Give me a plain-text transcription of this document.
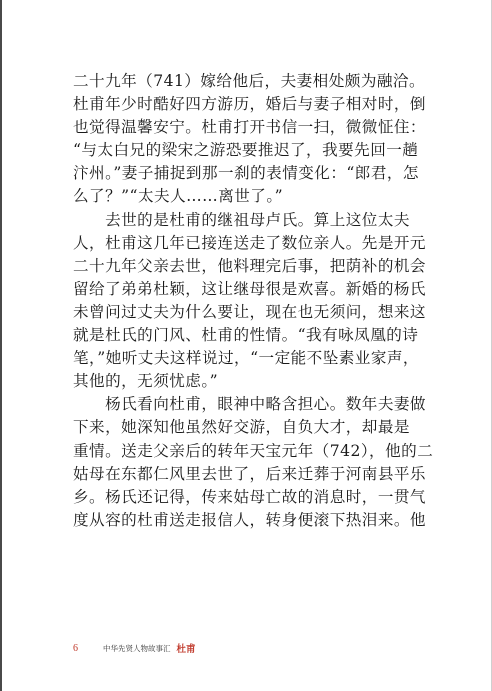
二十九年（741）嫁给他后，夫妻相处颇为融洽。
杜甫年少时酷好四方游历，婚后与妻子相对时，倒
也觉得温馨安宁。杜甫打开书信一扫，微微怔住：
“与太白兄的梁宋之游恐要推迟了，我要先回一趟
汴州。”妻子捕捉到那一刹的表情变化：“郎君，怎
么了？”“太夫人……离世了。”
　　去世的是杜甫的继祖母卢氏。算上这位太夫
人，杜甫这几年已接连送走了数位亲人。先是开元
二十九年父亲去世，他料理完后事，把荫补的机会
留给了弟弟杜颖，这让继母很是欢喜。新婚的杨氏
未曾问过丈夫为什么要让，现在也无须问，想来这
就是杜氏的门风、杜甫的性情。“我有咏凤凰的诗
笔，”她听丈夫这样说过，“一定能不坠素业家声，
其他的，无须忧虑。”
　　杨氏看向杜甫，眼神中略含担心。数年夫妻做
下来，她深知他虽然好交游，自负大才，却最是
重情。送走父亲后的转年天宝元年（742），他的二
姑母在东都仁风里去世了，后来迁葬于河南县平乐
乡。杨氏还记得，传来姑母亡故的消息时，一贯气
度从容的杜甫送走报信人，转身便滚下热泪来。他
6	中华先贤人物故事汇 杜甫
